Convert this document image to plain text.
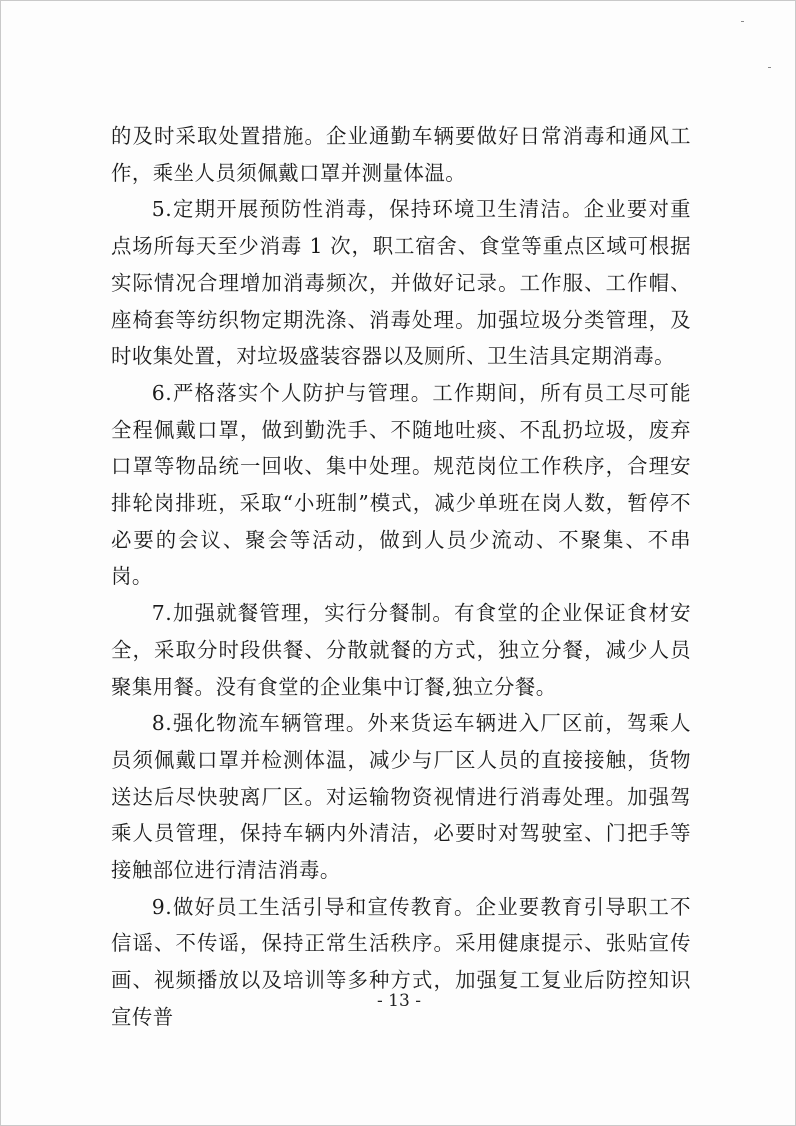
的及时采取处置措施。企业通勤车辆要做好日常消毒和通风工作，乘坐人员须佩戴口罩并测量体温。

5.定期开展预防性消毒，保持环境卫生清洁。企业要对重点场所每天至少消毒 1 次，职工宿舍、食堂等重点区域可根据实际情况合理增加消毒频次，并做好记录。工作服、工作帽、座椅套等纺织物定期洗涤、消毒处理。加强垃圾分类管理，及时收集处置，对垃圾盛装容器以及厕所、卫生洁具定期消毒。

6.严格落实个人防护与管理。工作期间，所有员工尽可能全程佩戴口罩，做到勤洗手、不随地吐痰、不乱扔垃圾，废弃口罩等物品统一回收、集中处理。规范岗位工作秩序，合理安排轮岗排班，采取“小班制”模式，减少单班在岗人数，暂停不必要的会议、聚会等活动，做到人员少流动、不聚集、不串岗。

7.加强就餐管理，实行分餐制。有食堂的企业保证食材安全，采取分时段供餐、分散就餐的方式，独立分餐，减少人员聚集用餐。没有食堂的企业集中订餐,独立分餐。

8.强化物流车辆管理。外来货运车辆进入厂区前，驾乘人员须佩戴口罩并检测体温，减少与厂区人员的直接接触，货物送达后尽快驶离厂区。对运输物资视情进行消毒处理。加强驾乘人员管理，保持车辆内外清洁，必要时对驾驶室、门把手等接触部位进行清洁消毒。

9.做好员工生活引导和宣传教育。企业要教育引导职工不信谣、不传谣，保持正常生活秩序。采用健康提示、张贴宣传画、视频播放以及培训等多种方式，加强复工复业后防控知识宣传普

- 13 -
